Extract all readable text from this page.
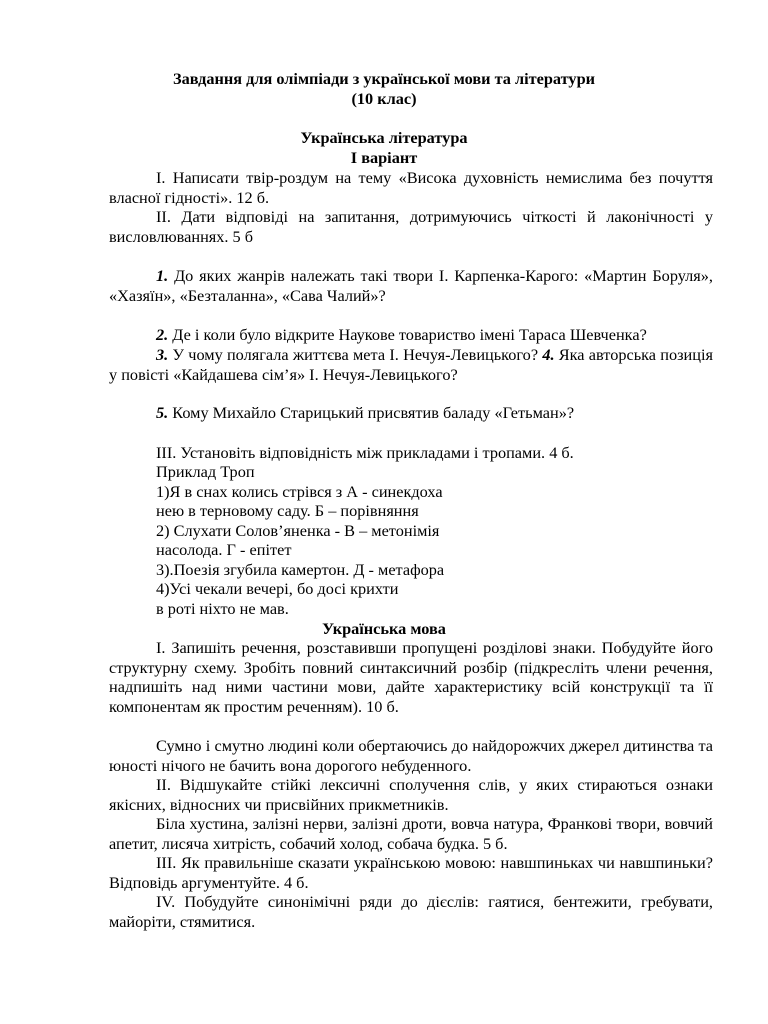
Завдання для олімпіади з української мови та літератури

(10 клас)

Українська література

І варіант

І. Написати твір-роздум на тему «Висока духовність немислима без почуття власної гідності». 12 б.

ІІ. Дати відповіді на запитання, дотримуючись чіткості й лаконічності у висловлюваннях. 5 б

1. До яких жанрів належать такі твори І. Карпенка-Карого: «Мартин Боруля», «Хазяїн», «Безталанна», «Сава Чалий»?

2. Де і коли було відкрите Наукове товариство імені Тараса Шевченка?

3. У чому полягала життєва мета І. Нечуя-Левицького? 4. Яка авторська позиція у повісті «Кайдашева сім’я» І. Нечуя-Левицького?

5. Кому Михайло Старицький присвятив баладу «Гетьман»?

ІІІ. Установіть відповідність між прикладами і тропами. 4 б.

Приклад Троп

1)Я в снах колись стрівся з А - синекдоха

нею в терновому саду. Б – порівняння

2) Слухати Солов’яненка - В – метонімія

насолода. Г - епітет

3).Поезія згубила камертон. Д - метафора

4)Усі чекали вечері, бо досі крихти

в роті ніхто не мав.

Українська мова

І. Запишіть речення, розставивши пропущені розділові знаки. Побудуйте його структурну схему. Зробіть повний синтаксичний розбір (підкресліть члени речення, надпишіть над ними частини мови, дайте характеристику всій конструкції та її компонентам як простим реченням). 10 б.

Сумно і смутно людині коли обертаючись до найдорожчих джерел дитинства та юності нічого не бачить вона дорогого небуденного.

ІІ. Відшукайте стійкі лексичні сполучення слів, у яких стираються ознаки якісних, відносних чи присвійних прикметників.

Біла хустина, залізні нерви, залізні дроти, вовча натура, Франкові твори, вовчий апетит, лисяча хитрість, собачий холод, собача будка. 5 б.

ІІІ. Як правильніше сказати українською мовою: навшпиньках чи навшпиньки? Відповідь аргументуйте. 4 б.

ІV. Побудуйте синонімічні ряди до дієслів: гаятися, бентежити, гребувати, майоріти, стямитися.
